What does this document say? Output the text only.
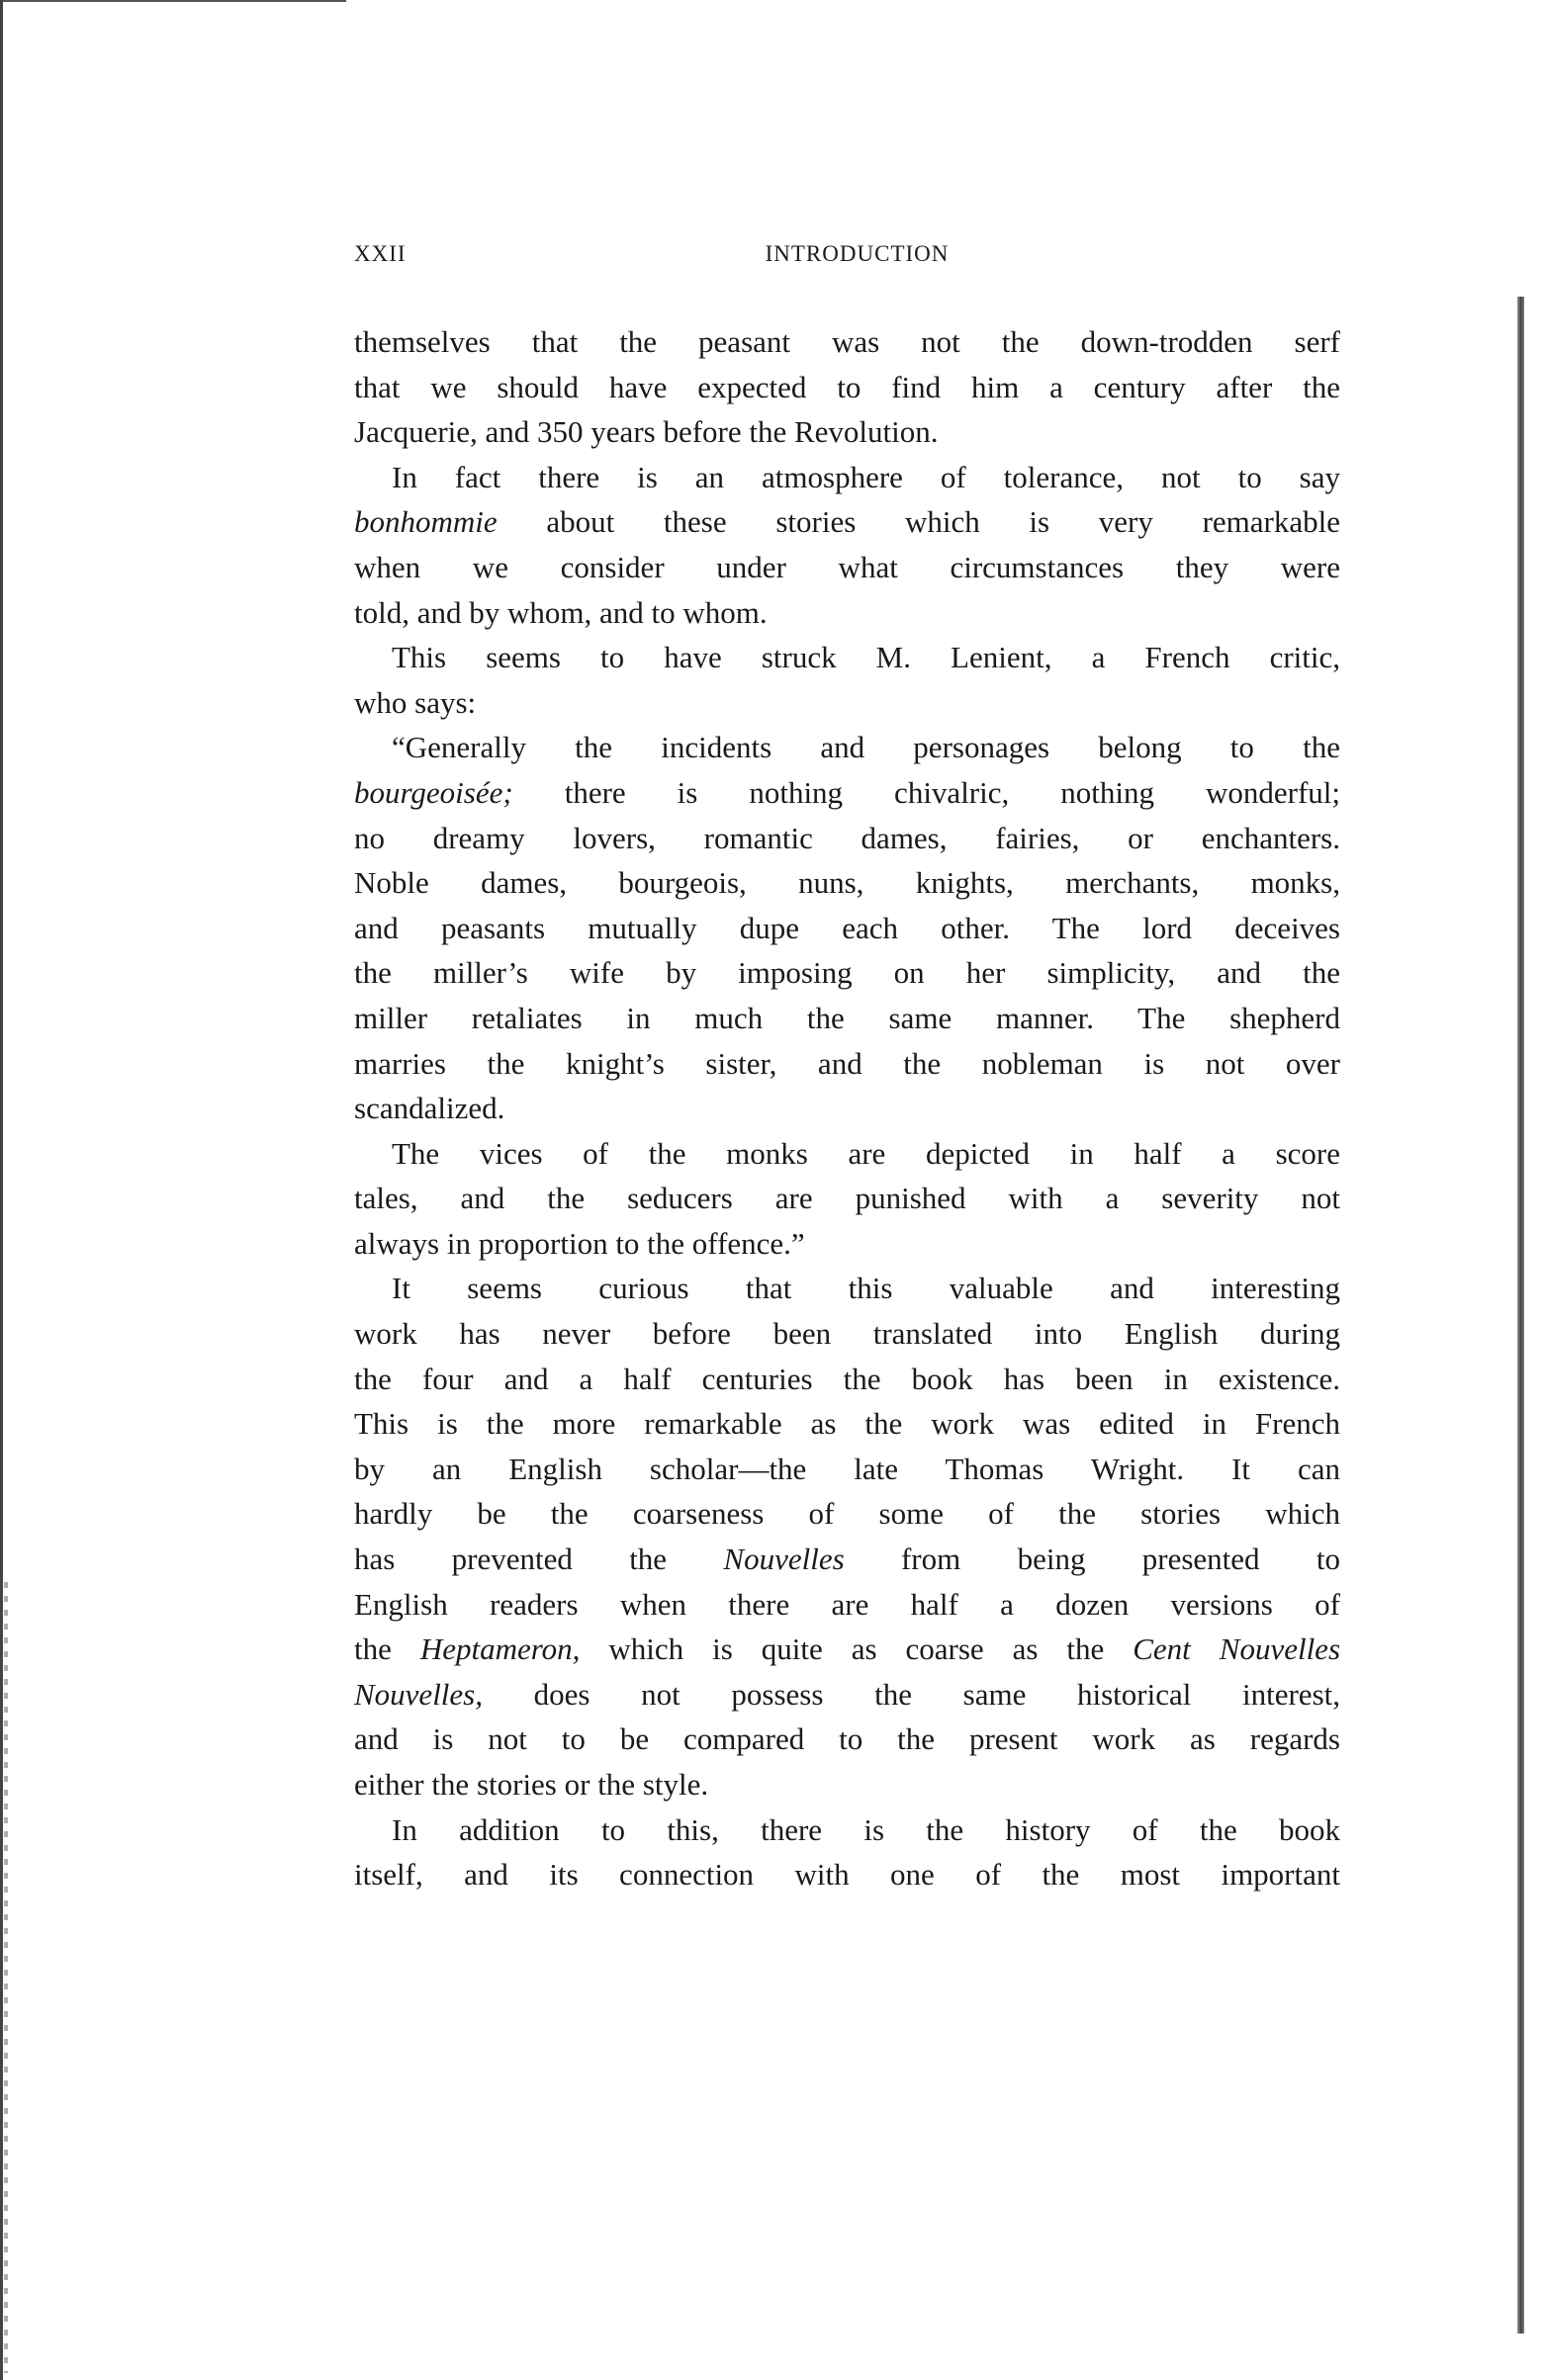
XXII	INTRODUCTION
themselves that the peasant was not the down-trodden serf
that we should have expected to find him a century after the
Jacquerie, and 350 years before the Revolution.
In fact there is an atmosphere of tolerance, not to say
bonhommie about these stories which is very remarkable
when we consider under what circumstances they were
told, and by whom, and to whom.
This seems to have struck M. Lenient, a French critic,
who says:
“Generally the incidents and personages belong to the
bourgeoisée; there is nothing chivalric, nothing wonderful;
no dreamy lovers, romantic dames, fairies, or enchanters.
Noble dames, bourgeois, nuns, knights, merchants, monks,
and peasants mutually dupe each other. The lord deceives
the miller’s wife by imposing on her simplicity, and the
miller retaliates in much the same manner. The shepherd
marries the knight’s sister, and the nobleman is not over
scandalized.
The vices of the monks are depicted in half a score
tales, and the seducers are punished with a severity not
always in proportion to the offence.”
It seems curious that this valuable and interesting
work has never before been translated into English during
the four and a half centuries the book has been in existence.
This is the more remarkable as the work was edited in French
by an English scholar—the late Thomas Wright. It can
hardly be the coarseness of some of the stories which
has prevented the Nouvelles from being presented to
English readers when there are half a dozen versions of
the Heptameron, which is quite as coarse as the Cent Nouvelles
Nouvelles, does not possess the same historical interest,
and is not to be compared to the present work as regards
either the stories or the style.
In addition to this, there is the history of the book
itself, and its connection with one of the most important
